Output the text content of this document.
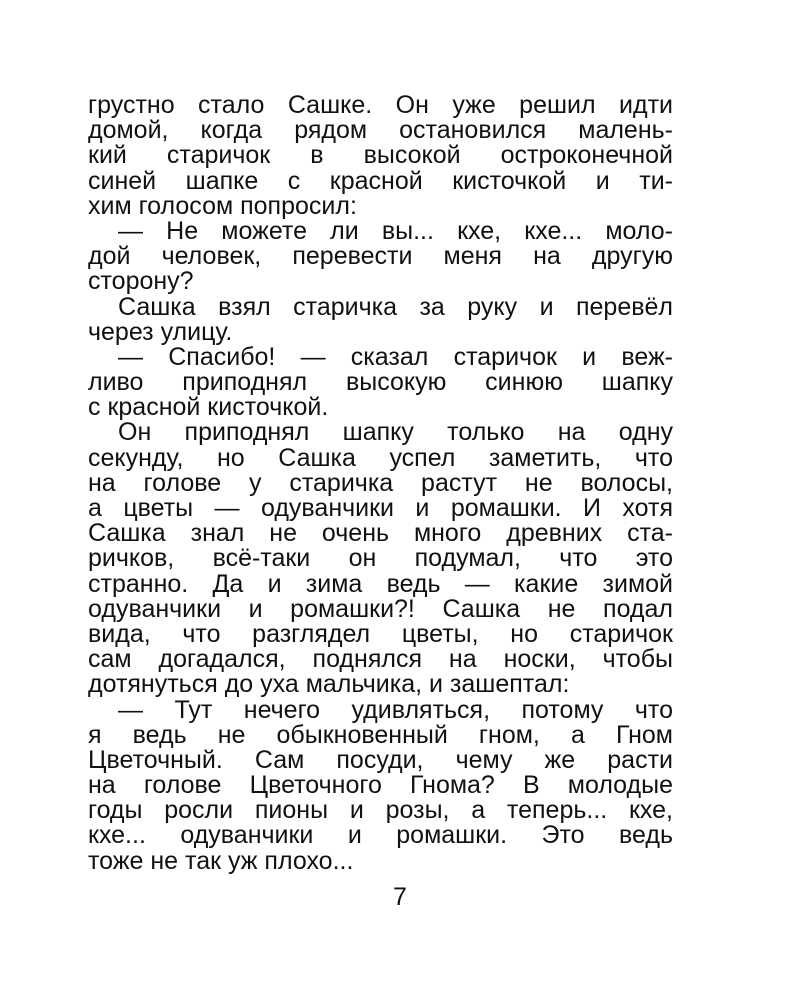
грустно стало Сашке. Он уже решил идти
домой, когда рядом остановился малень-
кий старичок в высокой остроконечной
синей шапке с красной кисточкой и ти-
хим голосом попросил:
— Не можете ли вы... кхе, кхе... моло-
дой человек, перевести меня на другую
сторону?
Сашка взял старичка за руку и перевёл
через улицу.
— Спасибо! — сказал старичок и веж-
ливо приподнял высокую синюю шапку
с красной кисточкой.
Он приподнял шапку только на одну
секунду, но Сашка успел заметить, что
на голове у старичка растут не волосы,
а цветы — одуванчики и ромашки. И хотя
Сашка знал не очень много древних ста-
ричков, всё-таки он подумал, что это
странно. Да и зима ведь — какие зимой
одуванчики и ромашки?! Сашка не подал
вида, что разглядел цветы, но старичок
сам догадался, поднялся на носки, чтобы
дотянуться до уха мальчика, и зашептал:
— Тут нечего удивляться, потому что
я ведь не обыкновенный гном, а Гном
Цветочный. Сам посуди, чему же расти
на голове Цветочного Гнома? В молодые
годы росли пионы и розы, а теперь... кхе,
кхе... одуванчики и ромашки. Это ведь
тоже не так уж плохо...
7
